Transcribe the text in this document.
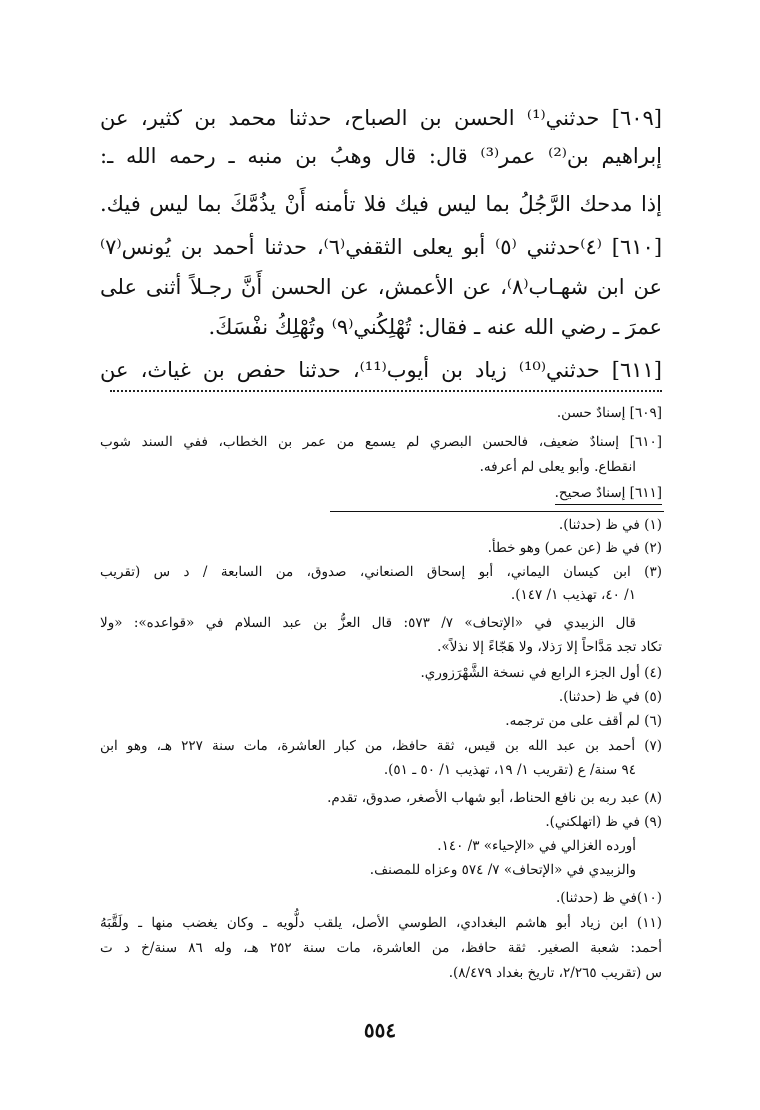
[٦٠٩] حدثني⁽¹⁾ الحسن بن الصباح، حدثنا محمد بن كثير، عن
إبراهيم بن⁽²⁾ عمر⁽³⁾ قال: قال وهبُ بن منبه ـ رحمه الله ـ:
إذا مدحك الرَّجُلُ بما ليس فيك فلا تأمنه أَنْ يذُمَّكَ بما ليس فيك.
[٦١٠] ⁽٤⁾حدثني ⁽٥⁾ أبو يعلى الثقفي⁽٦⁾، حدثنا أحمد بن يُونس⁽٧⁾
عن ابن شهـاب⁽٨⁾، عن الأعمش، عن الحسن أَنَّ رجـلاً أثنى على
عمرَ ـ رضي الله عنه ـ فقال: تُهْلِكُني⁽٩⁾ وتُهْلِكُ نفْسَكَ.
[٦١١] حدثني⁽¹⁰⁾ زياد بن أيوب⁽¹¹⁾، حدثنا حفص بن غياث، عن
[٦٠٩] إسنادٌ حسن.
[٦١٠] إسنادٌ ضعيف، فالحسن البصري لم يسمع من عمر بن الخطاب، ففي السند شوب
انقطاع. وأبو يعلى لم أعرفه.
[٦١١] إسنادٌ صحيح.
(١) في ظ (حدثنا).
(٢) في ظ (عن عمر) وهو خطأ.
(٣) ابن كيسان اليماني، أبو إسحاق الصنعاني، صدوق، من السابعة / د س (تقريب
١/ ٤٠، تهذيب ١/ ١٤٧).
قال الزبيدي في «الإتحاف» ٧/ ٥٧٣: قال العزُّ بن عبد السلام في «قواعده»: «ولا
تكاد تجد مَدَّاحاً إلا رَذلا، ولا هَجّاءً إلا نذلاً».
(٤) أول الجزء الرابع في نسخة الشَّهْرَزوري.
(٥) في ظ (حدثنا).
(٦) لم أقف على من ترجمه.
(٧) أحمد بن عبد الله بن قيس، ثقة حافظ، من كبار العاشرة، مات سنة ٢٢٧ هـ، وهو ابن
٩٤ سنة/ ع (تقريب ١/ ١٩، تهذيب ١/ ٥٠ ـ ٥١).
(٨) عبد ربه بن نافع الحناط، أبو شهاب الأصغر، صدوق، تقدم.
(٩) في ظ (اتهلكني).
أورده الغزالي في «الإحياء» ٣/ ١٤٠.
والزبيدي في «الإتحاف» ٧/ ٥٧٤ وعزاه للمصنف.
(١٠)في ظ (حدثنا).
(١١) ابن زياد أبو هاشم البغدادي، الطوسي الأصل، يلقب دلُّويه ـ وكان يغضب منها ـ ولَقَّبَهُ
أحمد: شعبة الصغير. ثقة حافظ، من العاشرة، مات سنة ٢٥٢ هـ، وله ٨٦ سنة/خ د ت
س (تقريب ٢/٢٦٥، تاريخ بغداد ٨/٤٧٩).
٥٥٤
